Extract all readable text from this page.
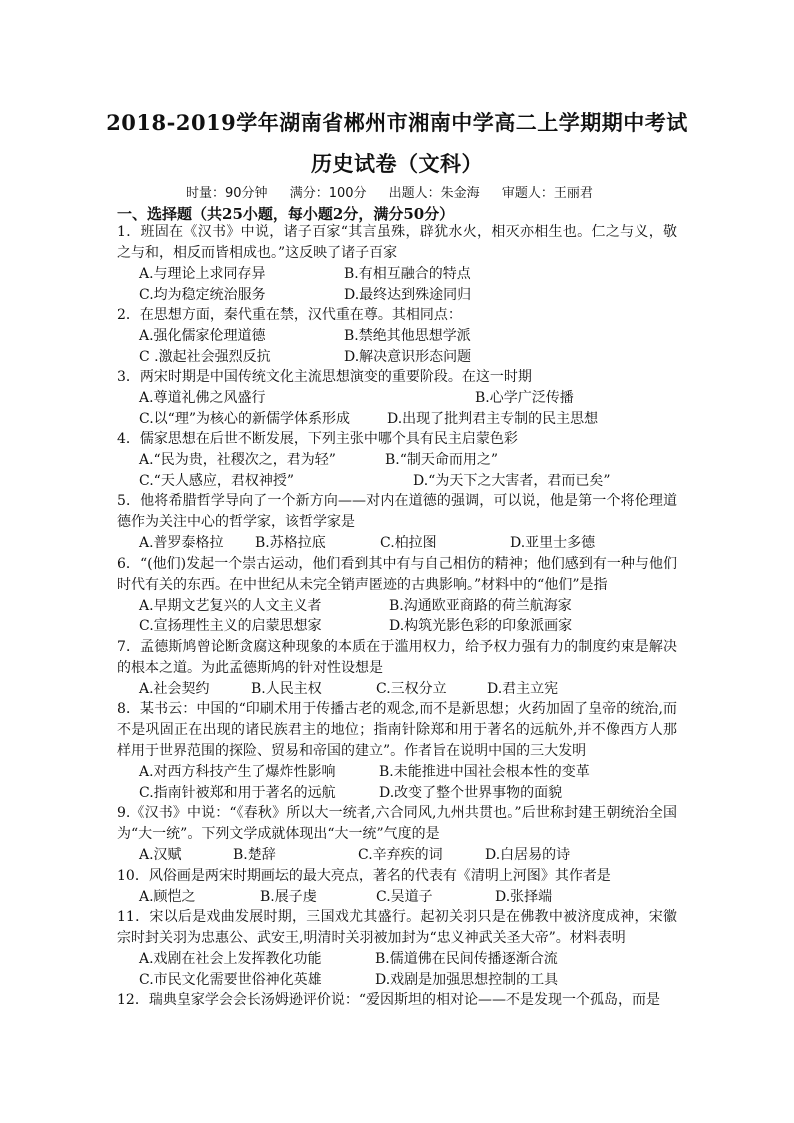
2018-2019学年湖南省郴州市湘南中学高二上学期期中考试
历史试卷（文科）
时量：90分钟 满分：100分 出题人：朱金海 审题人：王丽君
一、选择题（共25小题，每小题2分，满分50分）
1．班固在《汉书》中说，诸子百家“其言虽殊，辟犹水火，相灭亦相生也。仁之与义，敬之与和，相反而皆相成也。”这反映了诸子百家
A.与理论上求同存异	B.有相互融合的特点
C.均为稳定统治服务	D.最终达到殊途同归
2．在思想方面，秦代重在禁，汉代重在尊。其相同点：
A.强化儒家伦理道德	B.禁绝其他思想学派
C .激起社会强烈反抗	D.解决意识形态问题
3．两宋时期是中国传统文化主流思想演变的重要阶段。在这一时期
A.尊道礼佛之风盛行	B.心学广泛传播
C.以“理”为核心的新儒学体系形成	D.出现了批判君主专制的民主思想
4．儒家思想在后世不断发展，下列主张中哪个具有民主启蒙色彩
A.“民为贵，社稷次之，君为轻”	B.“制天命而用之”
C.“天人感应，君权神授”	D.“为天下之大害者，君而已矣”
5．他将希腊哲学导向了一个新方向——对内在道德的强调，可以说，他是第一个将伦理道德作为关注中心的哲学家，该哲学家是
A.普罗泰格拉	B.苏格拉底	C.柏拉图	D.亚里士多德
6．“(他们)发起一个崇古运动，他们看到其中有与自己相仿的精神；他们感到有一种与他们时代有关的东西。在中世纪从未完全销声匿迹的古典影响。”材料中的“他们”是指
A.早期文艺复兴的人文主义者	B.沟通欧亚商路的荷兰航海家
C.宣扬理性主义的启蒙思想家	D.构筑光影色彩的印象派画家
7．孟德斯鸠曾论断贪腐这种现象的本质在于滥用权力，给予权力强有力的制度约束是解决的根本之道。为此孟德斯鸠的针对性设想是
A.社会契约	B.人民主权	C.三权分立	D.君主立宪
8．某书云：中国的“印刷术用于传播古老的观念,而不是新思想；火药加固了皇帝的统治,而不是巩固正在出现的诸民族君主的地位；指南针除郑和用于著名的远航外,并不像西方人那样用于世界范围的探险、贸易和帝国的建立”。作者旨在说明中国的三大发明
A.对西方科技产生了爆炸性影响	B.未能推进中国社会根本性的变革
C.指南针被郑和用于著名的远航	D.改变了整个世界事物的面貌
9.《汉书》中说：“《春秋》所以大一统者,六合同风,九州共贯也。”后世称封建王朝统治全国为“大一统”。下列文学成就体现出“大一统”气度的是
A.汉赋	B.楚辞	C.辛弃疾的词	D.白居易的诗
10．风俗画是两宋时期画坛的最大亮点，著名的代表有《清明上河图》其作者是
A.顾恺之	B.展子虔	C.吴道子	D.张择端
11．宋以后是戏曲发展时期，三国戏尤其盛行。起初关羽只是在佛教中被济度成神，宋徽宗时封关羽为忠惠公、武安王,明清时关羽被加封为“忠义神武关圣大帝”。材料表明
A.戏剧在社会上发挥教化功能	B.儒道佛在民间传播逐渐合流
C.市民文化需要世俗神化英雄	D.戏剧是加强思想控制的工具
12．瑞典皇家学会会长汤姆逊评价说：“爱因斯坦的相对论——不是发现一个孤岛，而是
